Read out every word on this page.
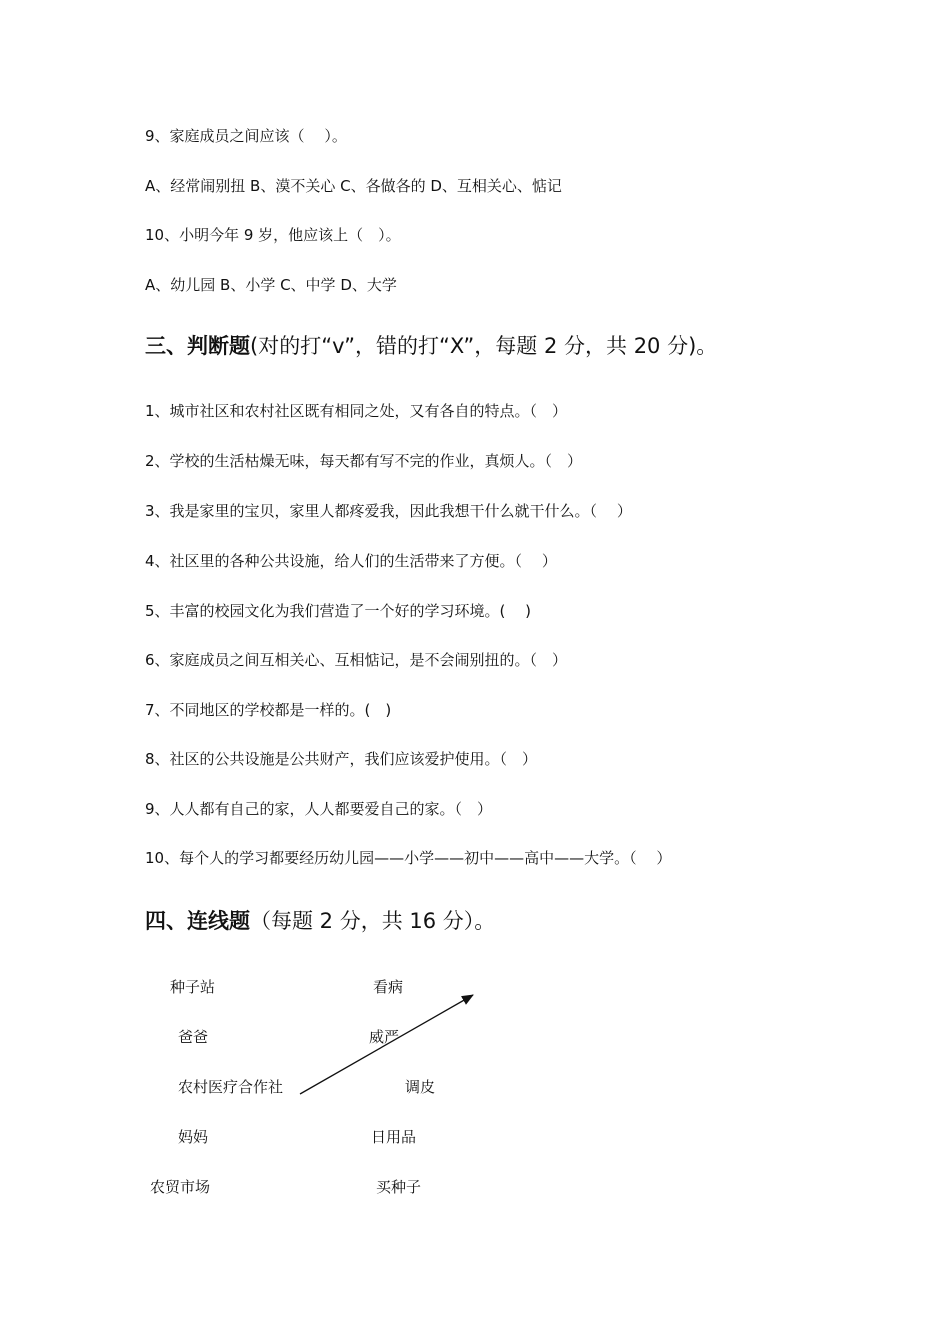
9、家庭成员之间应该（　 ）。
A、经常闹别扭 B、漠不关心 C、各做各的 D、互相关心、惦记
10、小明今年 9 岁，他应该上（　）。
A、幼儿园 B、小学 C、中学 D、大学
三、判断题(对的打“v”，错的打“X”，每题 2 分，共 20 分)。
1、城市社区和农村社区既有相同之处，又有各自的特点。（　）
2、学校的生活枯燥无味，每天都有写不完的作业，真烦人。（　）
3、我是家里的宝贝，家里人都疼爱我，因此我想干什么就干什么。（　 ）
4、社区里的各种公共设施，给人们的生活带来了方便。（　 ）
5、丰富的校园文化为我们营造了一个好的学习环境。(　 )
6、家庭成员之间互相关心、互相惦记，是不会闹别扭的。（　）
7、不同地区的学校都是一样的。(　)
8、社区的公共设施是公共财产，我们应该爱护使用。（　）
9、人人都有自己的家，人人都要爱自己的家。（　）
10、每个人的学习都要经历幼儿园——小学——初中——高中——大学。（　 ）
四、连线题（每题 2 分，共 16 分）。
种子站
爸爸
农村医疗合作社
妈妈
农贸市场
看病
威严
调皮
日用品
买种子
